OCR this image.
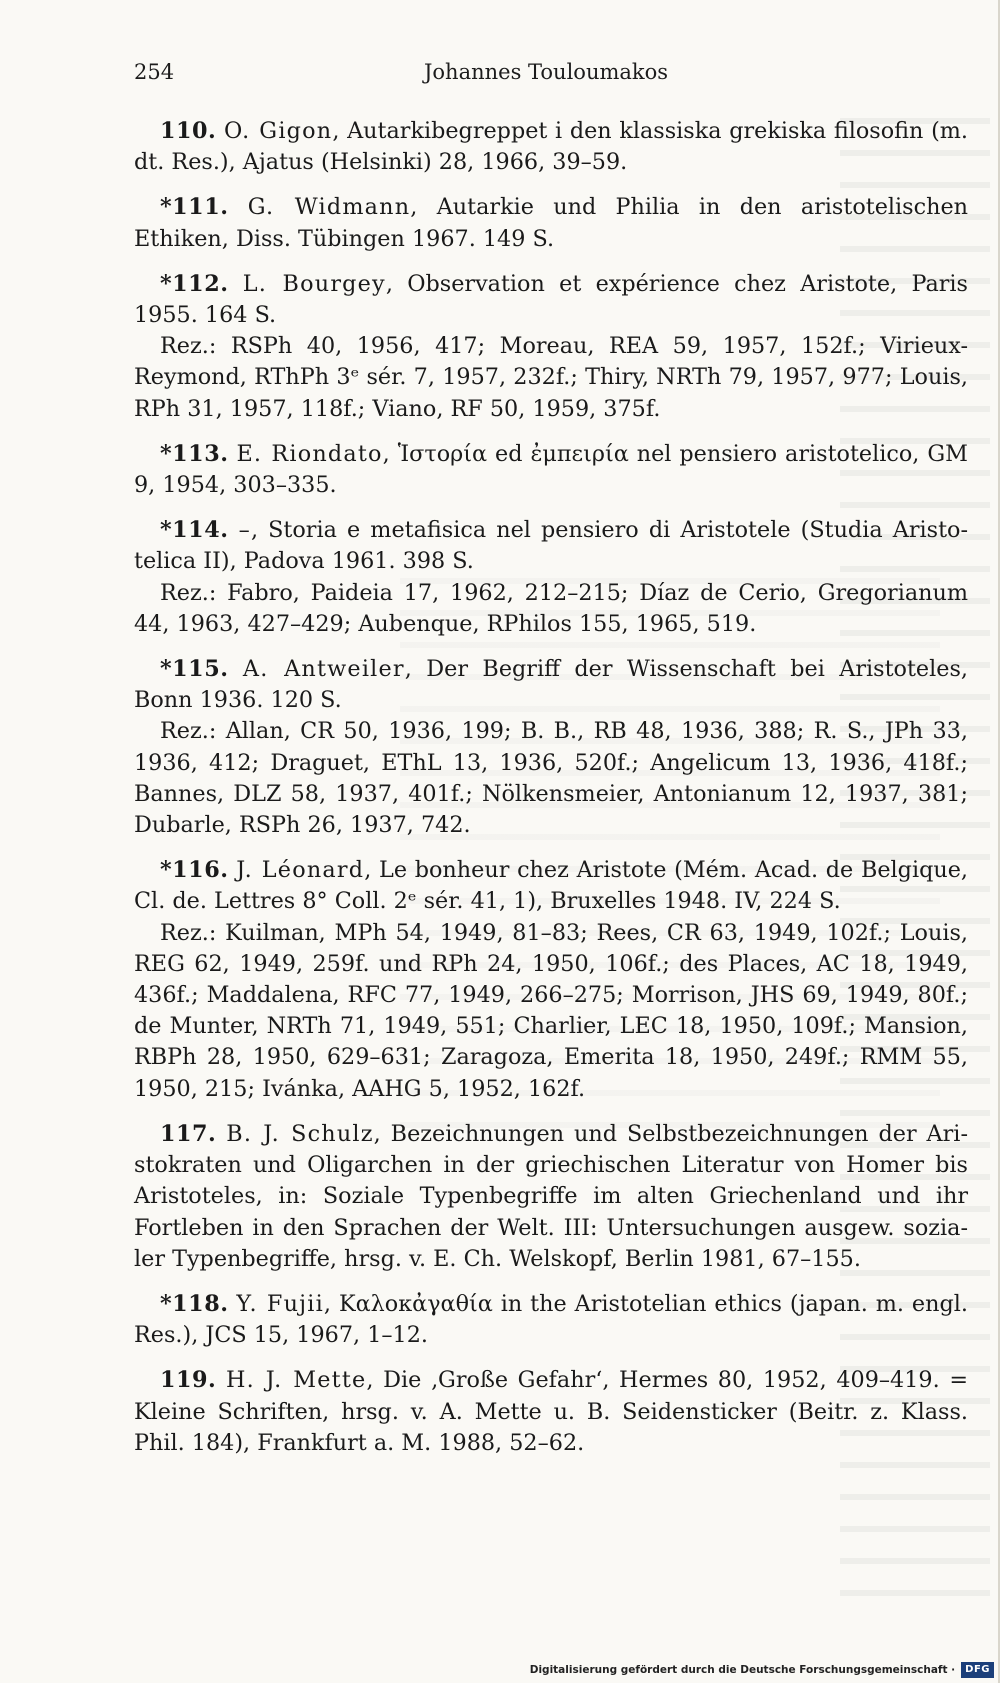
254	Johannes Touloumakos

110. O. Gigon, Autarkibegreppet i den klassiska grekiska filosofin (m. dt. Res.), Ajatus (Helsinki) 28, 1966, 39–59.

*111. G. Widmann, Autarkie und Philia in den aristotelischen Ethiken, Diss. Tübingen 1967. 149 S.

*112. L. Bourgey, Observation et expérience chez Aristote, Paris 1955. 164 S.

Rez.: RSPh 40, 1956, 417; Moreau, REA 59, 1957, 152f.; Virieux-Reymond, RThPh 3ᵉ sér. 7, 1957, 232f.; Thiry, NRTh 79, 1957, 977; Louis, RPh 31, 1957, 118f.; Viano, RF 50, 1959, 375f.

*113. E. Riondato, Ἱστορία ed ἐμπειρία nel pensiero aristotelico, GM 9, 1954, 303–335.

*114. –, Storia e metafisica nel pensiero di Aristotele (Studia Aristotelica II), Padova 1961. 398 S.

Rez.: Fabro, Paideia 17, 1962, 212–215; Díaz de Cerio, Gregorianum 44, 1963, 427–429; Aubenque, RPhilos 155, 1965, 519.

*115. A. Antweiler, Der Begriff der Wissenschaft bei Aristoteles, Bonn 1936. 120 S.

Rez.: Allan, CR 50, 1936, 199; B. B., RB 48, 1936, 388; R. S., JPh 33, 1936, 412; Draguet, EThL 13, 1936, 520f.; Angelicum 13, 1936, 418f.; Bannes, DLZ 58, 1937, 401f.; Nölkensmeier, Antonianum 12, 1937, 381; Dubarle, RSPh 26, 1937, 742.

*116. J. Léonard, Le bonheur chez Aristote (Mém. Acad. de Belgique, Cl. de. Lettres 8° Coll. 2ᵉ sér. 41, 1), Bruxelles 1948. IV, 224 S.

Rez.: Kuilman, MPh 54, 1949, 81–83; Rees, CR 63, 1949, 102f.; Louis, REG 62, 1949, 259f. und RPh 24, 1950, 106f.; des Places, AC 18, 1949, 436f.; Maddalena, RFC 77, 1949, 266–275; Morrison, JHS 69, 1949, 80f.; de Munter, NRTh 71, 1949, 551; Charlier, LEC 18, 1950, 109f.; Mansion, RBPh 28, 1950, 629–631; Zaragoza, Emerita 18, 1950, 249f.; RMM 55, 1950, 215; Ivánka, AAHG 5, 1952, 162f.

117. B. J. Schulz, Bezeichnungen und Selbstbezeichnungen der Aristokraten und Oligarchen in der griechischen Literatur von Homer bis Aristoteles, in: Soziale Typenbegriffe im alten Griechenland und ihr Fortleben in den Sprachen der Welt. III: Untersuchungen ausgew. sozialer Typenbegriffe, hrsg. v. E. Ch. Welskopf, Berlin 1981, 67–155.

*118. Y. Fujii, Καλοκἀγαθία in the Aristotelian ethics (japan. m. engl. Res.), JCS 15, 1967, 1–12.

119. H. J. Mette, Die ‚Große Gefahr‘, Hermes 80, 1952, 409–419. = Kleine Schriften, hrsg. v. A. Mette u. B. Seidensticker (Beitr. z. Klass. Phil. 184), Frankfurt a. M. 1988, 52–62.

Digitalisierung gefördert durch die Deutsche Forschungsgemeinschaft ·	DFG
